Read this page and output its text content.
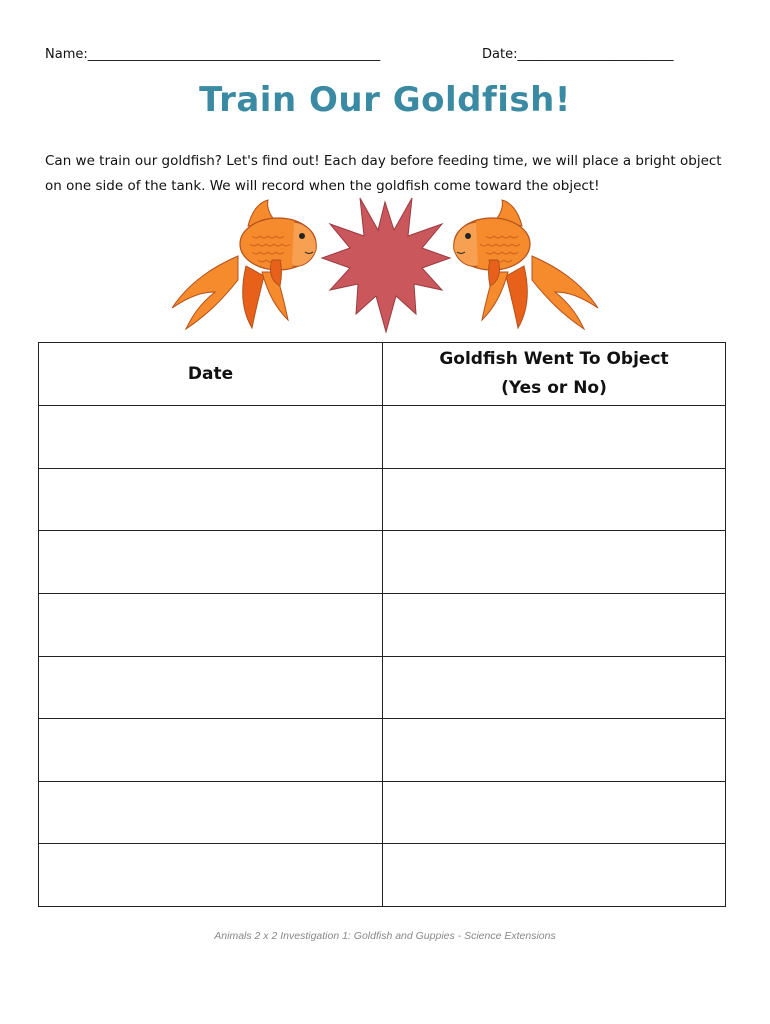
Name:_____________________________________________	Date:________________________
Train Our Goldfish!
Can we train our goldfish? Let's find out! Each day before feeding time, we will place a bright object on one side of the tank. We will record when the goldfish come toward the object!
Date	Goldfish Went To Object
(Yes or No)

Animals 2 x 2 Investigation 1: Goldfish and Guppies - Science Extensions
